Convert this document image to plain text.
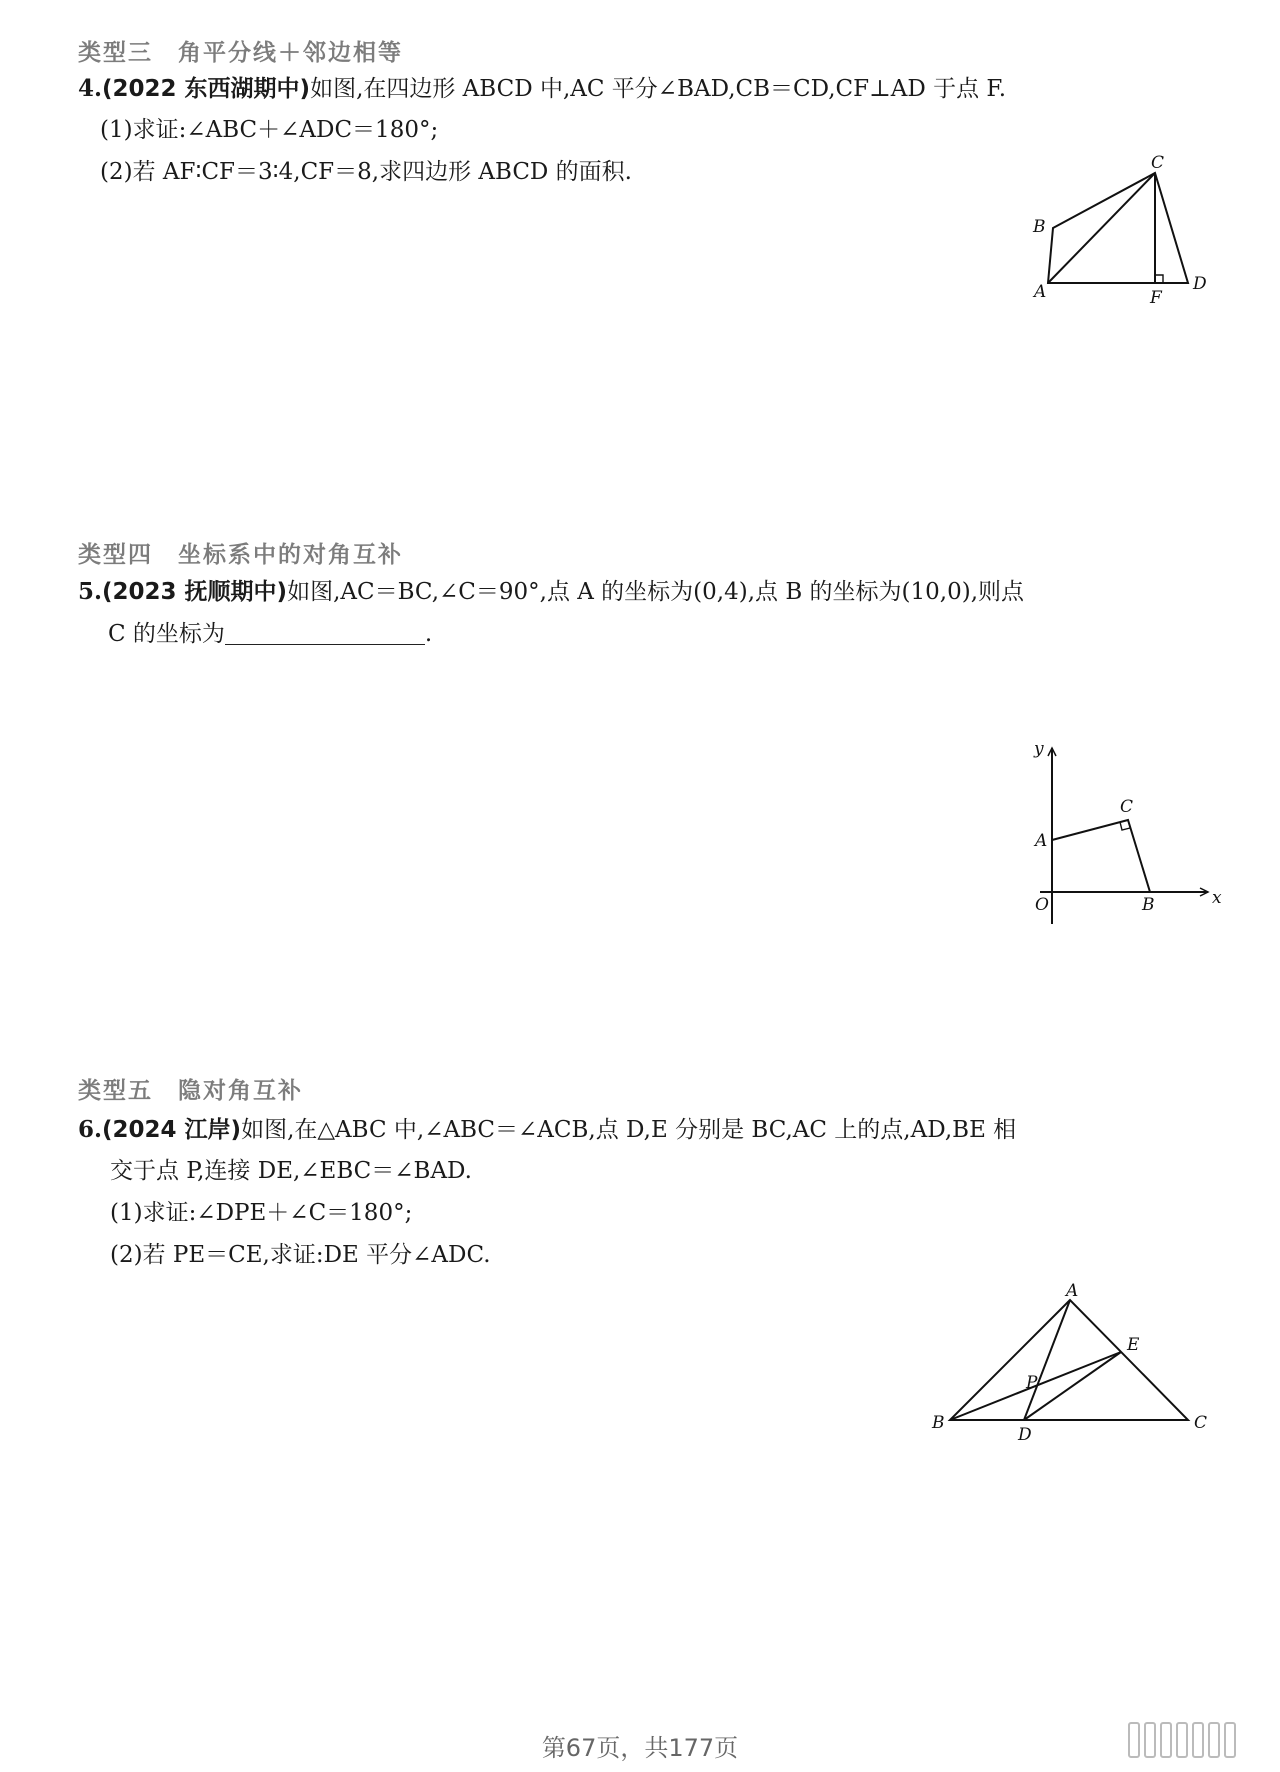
类型三　角平分线＋邻边相等
4.(2022 东西湖期中)如图,在四边形 ABCD 中,AC 平分∠BAD,CB＝CD,CF⊥AD 于点 F.
(1)求证:∠ABC＋∠ADC＝180°;
(2)若 AF∶CF＝3∶4,CF＝8,求四边形 ABCD 的面积.	C
B
A	F
D
类型四　坐标系中的对角互补
5.(2023 抚顺期中)如图,AC＝BC,∠C＝90°,点 A 的坐标为(0,4),点 B 的坐标为(10,0),则点
C 的坐标为	.
y
C
A
O	B	x
类型五　隐对角互补
6.(2024 江岸)如图,在△ABC 中,∠ABC＝∠ACB,点 D,E 分别是 BC,AC 上的点,AD,BE 相
交于点 P,连接 DE,∠EBC＝∠BAD.
(1)求证:∠DPE＋∠C＝180°;
(2)若 PE＝CE,求证:DE 平分∠ADC.
A
E
P
B
D
C
第67页，共177页
